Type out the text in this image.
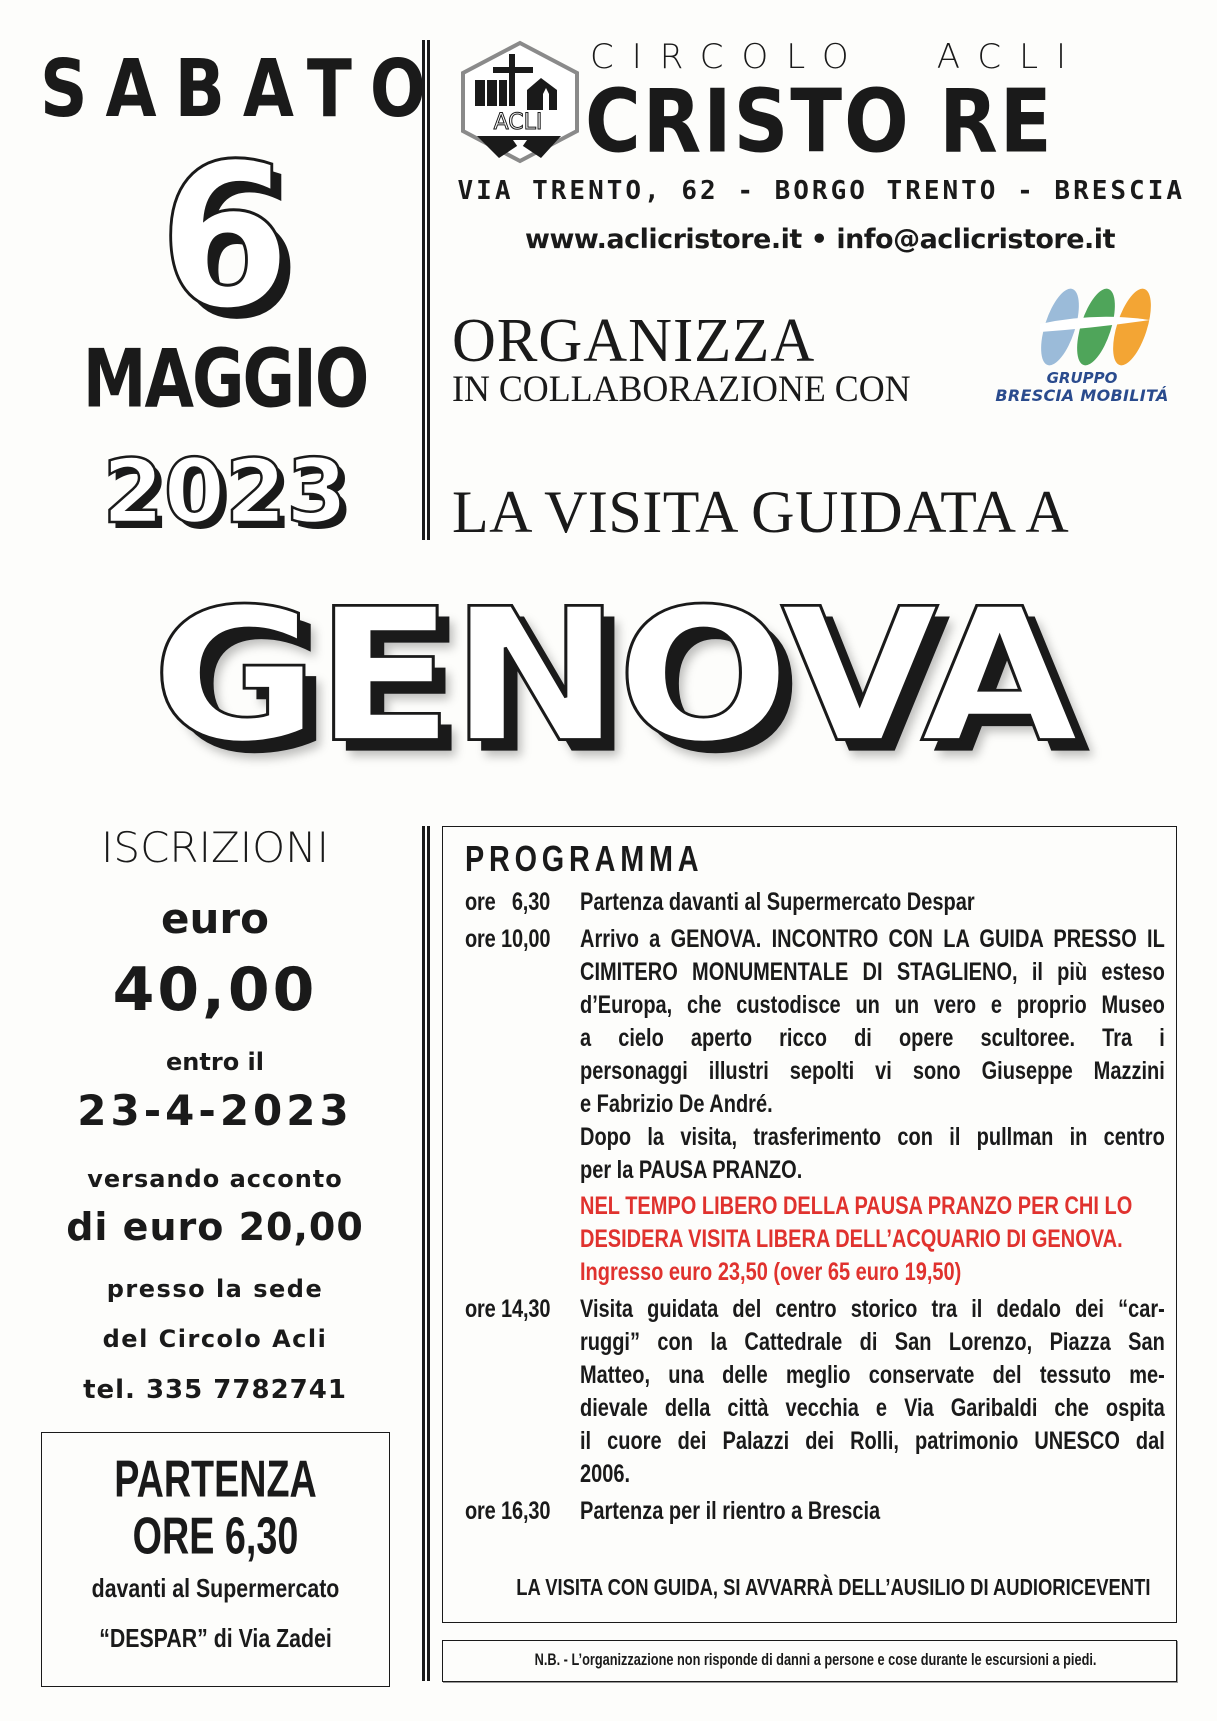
SABATO
6
MAGGIO
2023
ACLI
CIRCOLO ACLI
CRISTO RE
VIA TRENTO, 62 - BORGO TRENTO - BRESCIA
www.aclicristore.it • info@aclicristore.it
ORGANIZZA
IN COLLABORAZIONE CON	GRUPPO
BRESCIA MOBILITÁ
LA VISITA GUIDATA A
GENOVA
ISCRIZIONI
euro
40,00
entro il
23-4-2023
versando acconto
di euro 20,00
presso la sede
del Circolo Acli
tel. 335 7782741
PARTENZA
ORE 6,30
davanti al Supermercato
“DESPAR” di Via Zadei
PROGRAMMA
ore   6,30 Partenza davanti al Supermercato Despar
ore 10,00 Arrivo a GENOVA. INCONTRO CON LA GUIDA PRESSO IL
CIMITERO MONUMENTALE DI STAGLIENO, il più esteso
d’Europa, che custodisce un un vero e proprio Museo
a cielo aperto ricco di opere scultoree. Tra i
personaggi illustri sepolti vi sono Giuseppe Mazzini
e Fabrizio De André.
Dopo la visita, trasferimento con il pullman in centro
per la PAUSA PRANZO.
NEL TEMPO LIBERO DELLA PAUSA PRANZO PER CHI LO
DESIDERA VISITA LIBERA DELL’ACQUARIO DI GENOVA.
Ingresso euro 23,50 (over 65 euro 19,50)
ore 14,30 Visita guidata del centro storico tra il dedalo dei “car-
ruggi” con la Cattedrale di San Lorenzo, Piazza San
Matteo, una delle meglio conservate del tessuto me-
dievale della città vecchia e Via Garibaldi che ospita
il cuore dei Palazzi dei Rolli, patrimonio UNESCO dal
2006.
ore 16,30 Partenza per il rientro a Brescia
LA VISITA CON GUIDA, SI AVVARRÀ DELL’AUSILIO DI AUDIORICEVENTI
N.B. - L’organizzazione non risponde di danni a persone e cose durante le escursioni a piedi.
